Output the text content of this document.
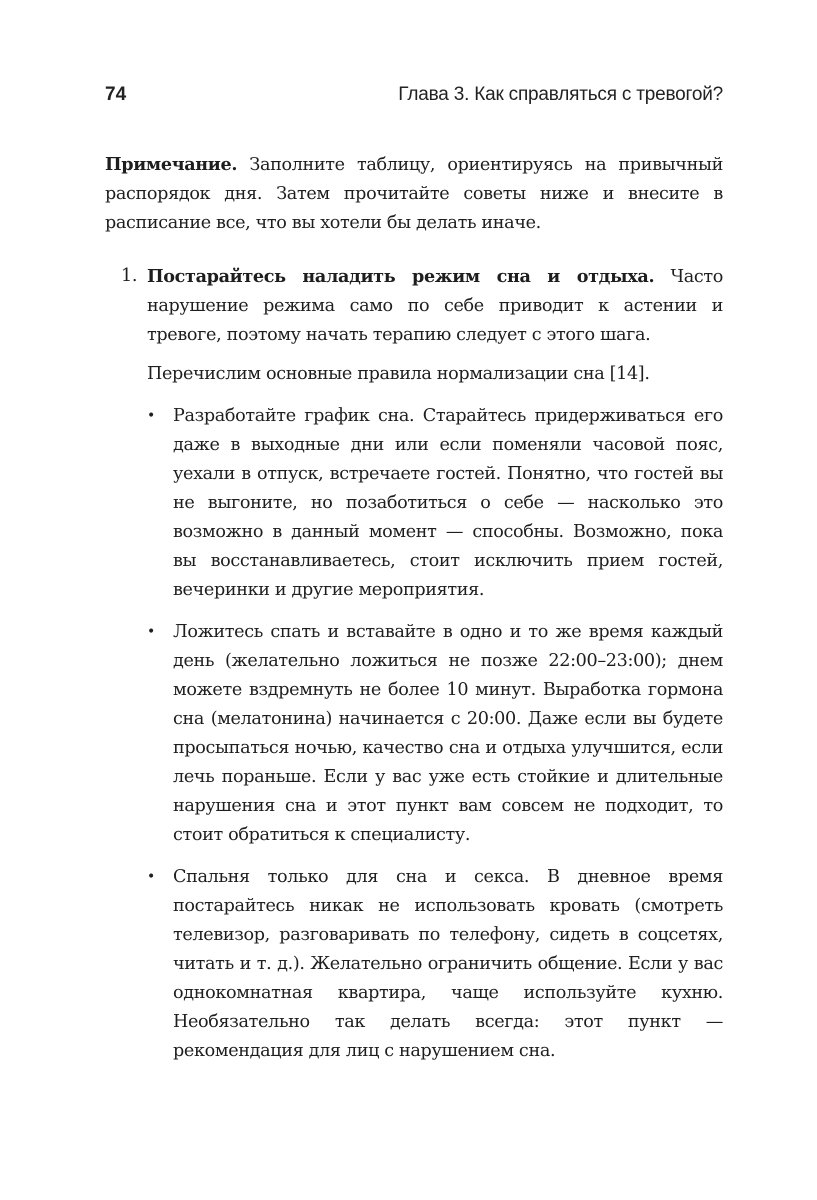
74	Глава 3. Как справляться с тревогой?

Примечание. Заполните таблицу, ориентируясь на привычный распорядок дня. Затем прочитайте советы ниже и внесите в расписание все, что вы хотели бы делать иначе.

1. Постарайтесь наладить режим сна и отдыха. Часто нарушение режима само по себе приводит к астении и тревоге, поэтому начать терапию следует с этого шага.

Перечислим основные правила нормализации сна [14].

• Разработайте график сна. Старайтесь придерживаться его даже в выходные дни или если поменяли часовой пояс, уехали в отпуск, встречаете гостей. Понятно, что гостей вы не выгоните, но позаботиться о себе — насколько это возможно в данный момент — способны. Возможно, пока вы восстанавливаетесь, стоит исключить прием гостей, вечеринки и другие мероприятия.

• Ложитесь спать и вставайте в одно и то же время каждый день (желательно ложиться не позже 22:00–23:00); днем можете вздремнуть не более 10 минут. Выработка гормона сна (мелатонина) начинается с 20:00. Даже если вы будете просыпаться ночью, качество сна и отдыха улучшится, если лечь пораньше. Если у вас уже есть стойкие и длительные нарушения сна и этот пункт вам совсем не подходит, то стоит обратиться к специалисту.

• Спальня только для сна и секса. В дневное время постарайтесь никак не использовать кровать (смотреть телевизор, разговаривать по телефону, сидеть в соцсетях, читать и т. д.). Желательно ограничить общение. Если у вас однокомнатная квартира, чаще используйте кухню. Необязательно так делать всегда: этот пункт — рекомендация для лиц с нарушением сна.
